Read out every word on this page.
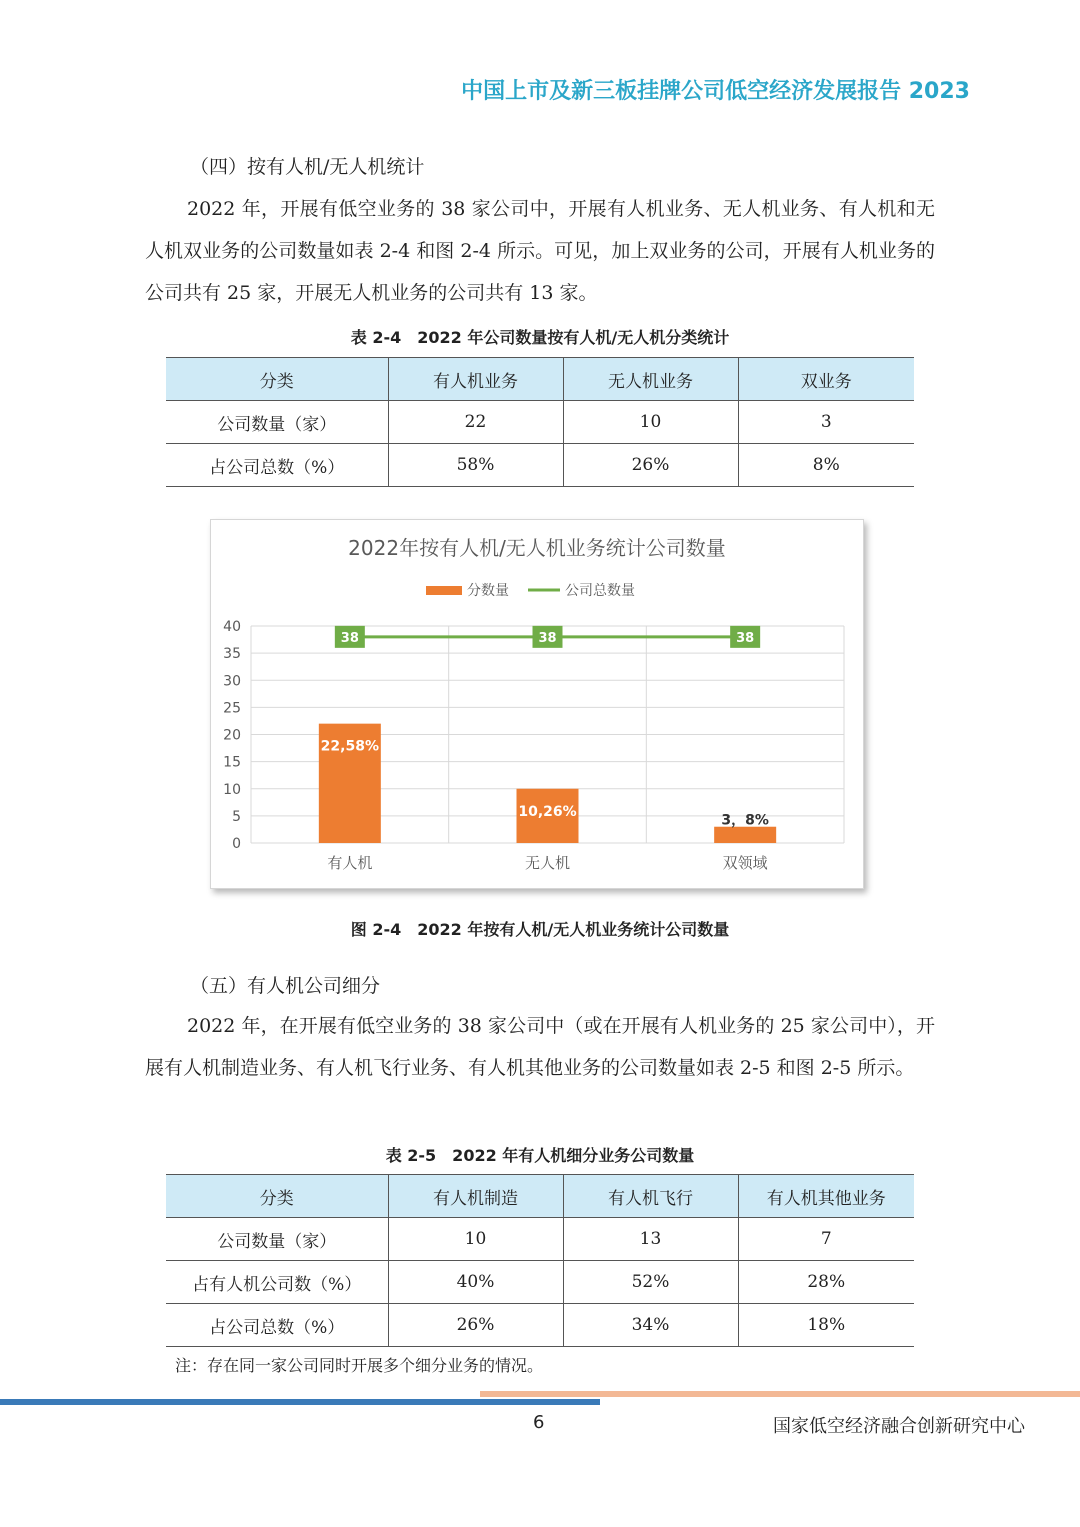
中国上市及新三板挂牌公司低空经济发展报告 2023
（四）按有人机/无人机统计

2022 年，开展有低空业务的 38 家公司中，开展有人机业务、无人机业务、有人机和无人机双业务的公司数量如表 2-4 和图 2-4 所示。可见，加上双业务的公司，开展有人机业务的公司共有 25 家，开展无人机业务的公司共有 13 家。

表 2-4　2022 年公司数量按有人机/无人机分类统计
分类	有人机业务	无人机业务	双业务
公司数量（家）	22	10	3
占公司总数（%）	58%	26%	8%
2022年按有人机/无人机业务统计公司数量
分数量	公司总数量
0
5
10
15
20
25
30
35
40
22,58%
10,26%
3，8%
38	38	38
有人机	无人机	双领域
图 2-4　2022 年按有人机/无人机业务统计公司数量
（五）有人机公司细分

2022 年，在开展有低空业务的 38 家公司中（或在开展有人机业务的 25 家公司中），开展有人机制造业务、有人机飞行业务、有人机其他业务的公司数量如表 2-5 和图 2-5 所示。

表 2-5　2022 年有人机细分业务公司数量
分类	有人机制造	有人机飞行	有人机其他业务
公司数量（家）	10	13	7
占有人机公司数（%）	40%	52%	28%
占公司总数（%）	26%	34%	18%
注：存在同一家公司同时开展多个细分业务的情况。
6	国家低空经济融合创新研究中心
